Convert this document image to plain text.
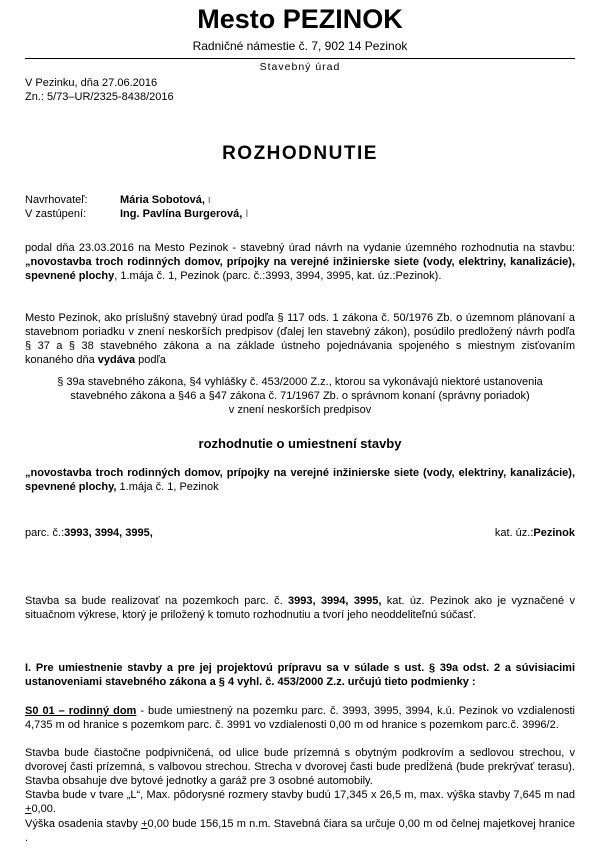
Mesto PEZINOK
Radničné námestie č. 7, 902 14 Pezinok
Stavebný úrad
V Pezinku, dňa 27.06.2016
Zn.: 5/73–UR/2325-8438/2016
ROZHODNUTIE
Navrhovateľ:	Mária Sobotová, ι
V zastúpení:	Ing. Pavlína Burgerová, I
podal dňa 23.03.2016 na Mesto Pezinok - stavebný úrad návrh na vydanie územného rozhodnutia na stavbu: „novostavba troch rodinných domov, prípojky na verejné inžinierske siete (vody, elektriny, kanalizácie), spevnené plochy, 1.mája č. 1, Pezinok (parc. č.:3993, 3994, 3995, kat. úz.:Pezinok).
Mesto Pezinok, ako príslušný stavebný úrad podľa § 117 ods. 1 zákona č. 50/1976 Zb. o územnom plánovaní a stavebnom poriadku v znení neskorších predpisov (ďalej len stavebný zákon), posúdilo predložený návrh podľa § 37 a § 38 stavebného zákona a na základe ústneho pojednávania spojeného s miestnym zisťovaním konaného dňa vydáva podľa
§ 39a stavebného zákona, §4 vyhlášky č. 453/2000 Z.z., ktorou sa vykonávajú niektoré ustanovenia
stavebného zákona a §46 a §47 zákona č. 71/1967 Zb. o správnom konaní (správny poriadok)
v znení neskorších predpisov
rozhodnutie o umiestnení stavby
„novostavba troch rodinných domov, prípojky na verejné inžinierske siete (vody, elektriny, kanalizácie), spevnené plochy, 1.mája č. 1, Pezinok
parc. č.:3993, 3994, 3995,	kat. úz.:Pezinok
Stavba sa bude realizovať na pozemkoch parc. č. 3993, 3994, 3995, kat. úz. Pezinok ako je vyznačené v situačnom výkrese, ktorý je priložený k tomuto rozhodnutiu a tvorí jeho neoddeliteľnú súčasť.
I. Pre umiestnenie stavby a pre jej projektovú prípravu sa v súlade s ust. § 39a odst. 2 a súvisiacimi ustanoveniami stavebného zákona a § 4 vyhl. č. 453/2000 Z.z. určujú tieto podmienky :
S0 01 – rodinný dom - bude umiestnený na pozemku parc. č. 3993, 3995, 3994, k.ú. Pezinok vo vzdialenosti 4,735 m od hranice s pozemkom parc. č. 3991 vo vzdialenosti 0,00 m od hranice s pozemkom parc.č. 3996/2.
Stavba bude čiastočne podpivničená, od ulice bude prízemná s obytným podkrovím a sedlovou strechou, v dvorovej časti prízemná, s valbovou strechou. Strecha v dvorovej časti bude predĺžená (bude prekrývať terasu). Stavba obsahuje dve bytové jednotky a garáž pre 3 osobné automobily.
Stavba bude v tvare „L“, Max. pôdorysné rozmery stavby budú 17,345 x 26,5 m, max. výška stavby 7,645 m nad +0,00.
Výška osadenia stavby +0,00 bude 156,15 m n.m. Stavebná čiara sa určuje 0,00 m od čelnej majetkovej hranice .
